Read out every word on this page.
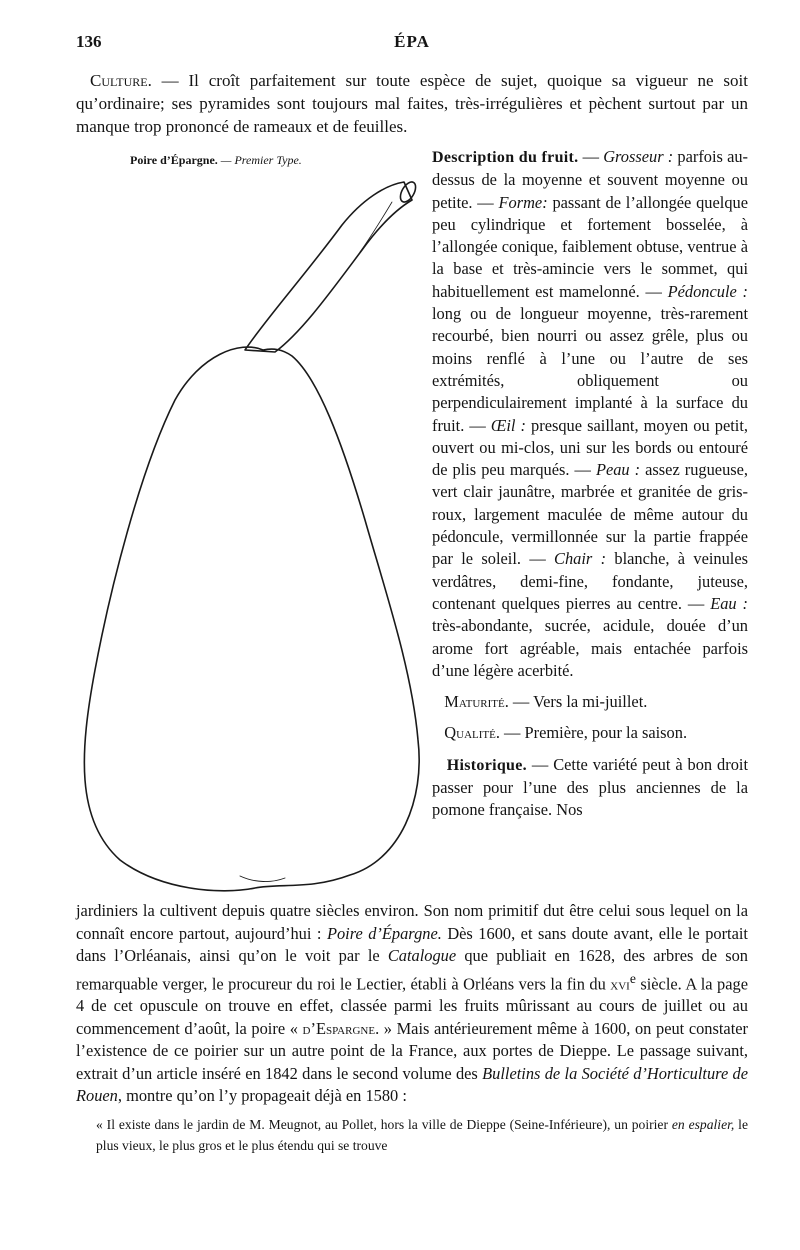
136	ÉPA
Culture. — Il croît parfaitement sur toute espèce de sujet, quoique sa vigueur ne soit qu’ordinaire; ses pyramides sont toujours mal faites, très-irrégulières et pèchent surtout par un manque trop prononcé de rameaux et de feuilles.
Poire d’Épargne. — Premier Type.	Description du fruit. — Grosseur : parfois au-dessus de la moyenne et souvent moyenne ou petite. — Forme: passant de l’allongée quelque peu cylindrique et fortement bosselée, à l’allongée conique, faiblement obtuse, ventrue à la base et très-amincie vers le sommet, qui habituellement est mamelonné. — Pédoncule : long ou de longueur moyenne, très-rarement recourbé, bien nourri ou assez grêle, plus ou moins renflé à l’une ou l’autre de ses extrémités, obliquement ou perpendiculairement implanté à la surface du fruit. — Œil : presque saillant, moyen ou petit, ouvert ou mi-clos, uni sur les bords ou entouré de plis peu marqués. — Peau : assez rugueuse, vert clair jaunâtre, marbrée et granitée de gris-roux, largement maculée de même autour du pédoncule, vermillonnée sur la partie frappée par le soleil. — Chair : blanche, à veinules verdâtres, demi-fine, fondante, juteuse, contenant quelques pierres au centre. — Eau : très-abondante, sucrée, acidule, douée d’un arome fort agréable, mais entachée parfois d’une légère acerbité.

Maturité. — Vers la mi-juillet.

Qualité. — Première, pour la saison.

Historique. — Cette variété peut à bon droit passer pour l’une des plus anciennes de la pomone française. Nos

jardiniers la cultivent depuis quatre siècles environ. Son nom primitif dut être celui sous lequel on la connaît encore partout, aujourd’hui : Poire d’Épargne. Dès 1600, et sans doute avant, elle le portait dans l’Orléanais, ainsi qu’on le voit par le Catalogue que publiait en 1628, des arbres de son remarquable verger, le procureur du roi le Lectier, établi à Orléans vers la fin du xvi$^e$ siècle. A la page 4 de cet opuscule on trouve en effet, classée parmi les fruits mûrissant au cours de juillet ou au commencement d’août, la poire « d’Espargne. » Mais antérieurement même à 1600, on peut constater l’existence de ce poirier sur un autre point de la France, aux portes de Dieppe. Le passage suivant, extrait d’un article inséré en 1842 dans le second volume des Bulletins de la Société d’Horticulture de Rouen, montre qu’on l’y propageait déjà en 1580 :

« Il existe dans le jardin de M. Meugnot, au Pollet, hors la ville de Dieppe (Seine-Inférieure), un poirier en espalier, le plus vieux, le plus gros et le plus étendu qui se trouve
